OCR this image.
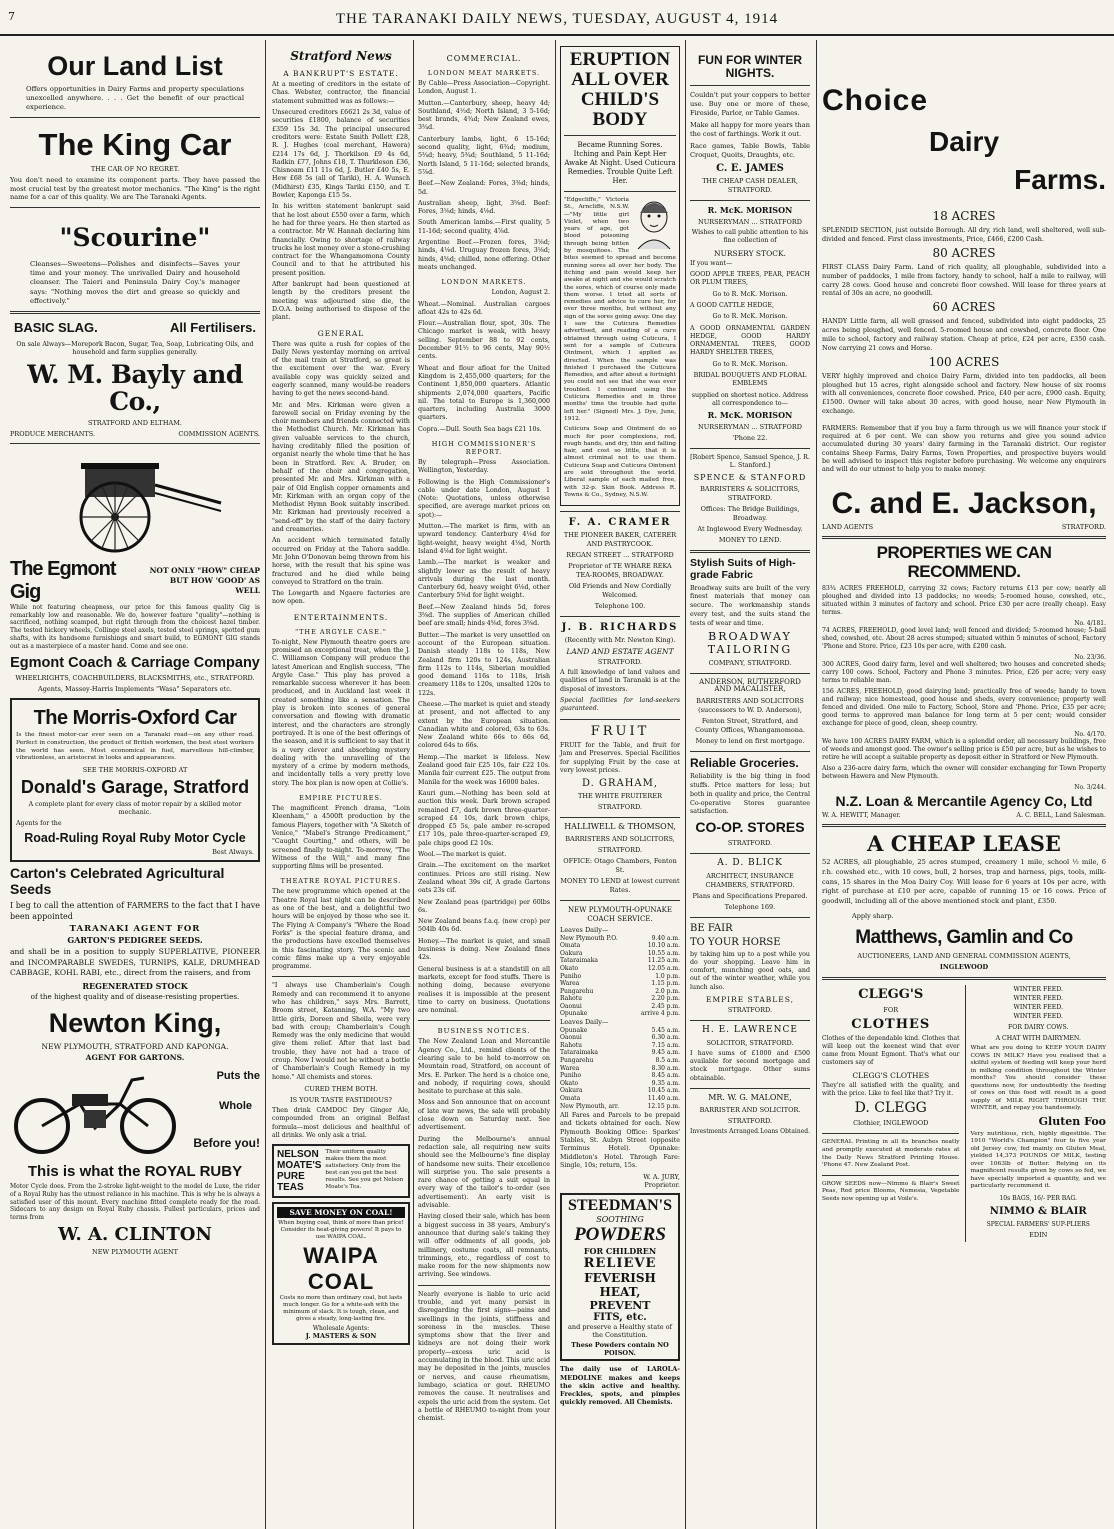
THE TARANAKI DAILY NEWS, TUESDAY, AUGUST 4, 1914
7
Our Land List

Offers opportunities in Dairy Farms and property speculations unexcelled anywhere. . . . Get the benefit of our practical experience.

The King Car
THE CAR OF NO REGRET.

You don't need to examine its component parts. They have passed the most crucial test by the greatest motor mechanics. "The King" is the right name for a car of this quality. We are The Taranaki Agents.

"Scourine"

Cleanses—Sweetens—Polishes and disinfects—Saves your time and your money. The unrivalled Dairy and household cleanser. The Taieri and Peninsula Dairy Coy.'s manager says: "Nothing moves the dirt and grease so quickly and effectively."

BASIC SLAG.	All Fertilisers.

On sale Always—Morepork Bacon, Sugar, Tea, Soap, Lubricating Oils, and household and farm supplies generally.

W. M. Bayly and Co.,
STRATFORD AND ELTHAM.
PRODUCE MERCHANTS.	COMMISSION AGENTS.
The Egmont Gig
NOT ONLY "HOW" CHEAP
BUT HOW 'GOOD' AS WELL

While not featuring cheapness, our price for this famous quality Gig is remarkably low and reasonable. We do, however feature "quality"—nothing is sacrificed, nothing scamped, but right through from the choicest hazel timber. The tested hickory wheels, Collinge steel axels, tested steel springs, spotted gum shafts, with its handsome furnishings and smart build, to EGMONT GIG stands out as a masterpiece of a master hand. Come and see one.

Egmont Coach & Carriage Company
WHEELRIGHTS, COACHBUILDERS, BLACKSMITHS, etc., STRATFORD.
Agents, Massey-Harris Implements "Wasa" Separators etc.
The Morris-Oxford Car

Is the finest motor-car ever seen on a Taranaki road—on any other road. Perfect in construction, the product of British workmen, the best steel workers the world has seen. Most economical in fuel, marvellous hill-climber, vibrationless, an aristocrat in looks and appearances.

SEE THE MORRIS-OXFORD AT
Donald's Garage, Stratford

A complete plant for every class of motor repair by a skilled motor mechanic.

Agents for the

Road-Ruling Royal Ruby Motor Cycle
Best Always.
Carton's Celebrated Agricultural Seeds

I beg to call the attention of FARMERS to the fact that I have been appointed

TARANAKI AGENT FOR
GARTON'S PEDIGREE SEEDS.

and shall be in a position to supply SUPERLATIVE, PIONEER and INCOMPARABLE SWEDES, TURNIPS, KALE, DRUMHEAD CABBAGE, KOHL RABI, etc., direct from the raisers, and from

REGENERATED STOCK

of the highest quality and of disease-resisting properties.

Newton King,
NEW PLYMOUTH, STRATFORD AND KAPONGA.
AGENT FOR GARTONS.
Puts the
Whole
Before you!
This is what the ROYAL RUBY

Motor Cycle does. From the 2-stroke light-weight to the model de Luxe, the rider of a Royal Ruby has the utmost reliance in his machine. This is why he is always a satisfied user of this mount. Every machine fitted complete ready for the road. Sidecars to any design on Royal Ruby chassis. Fullest particulars, prices and terms from

W. A. CLINTON
NEW PLYMOUTH AGENT
Stratford News
A BANKRUPT'S ESTATE.

At a meeting of creditors in the estate of Chas. Webster, contractor, the financial statement submitted was as follows:—

Unsecured creditors £6621 2s 3d, value of securities £1800, balance of securities £359 15s 3d. The principal unsecured creditors were: Estate Smith Pollett £28, R. J. Hughes (coal merchant, Hawera) £214 17s 6d, J. Thorkilson £9 4s 6d, Radkin £77, Johns £18, T. Thurkleson £36, Chisnoam £11 11s 6d, J. Butler £40 5s, E. Hew £68 5s (all of Tariki), H. A. Wunsch (Midhirst) £35, Kings Tariki £150, and T. Bowler, Kaponga £15 5s.

In his written statement bankrupt said that he lost about £550 over a farm, which he had for three years. He then started as a contractor. Mr W. Hannah declaring him financially. Owing to shortage of railway trucks he lost money over a stone-crushing contract for the Whangamomona County Council and to that he attributed his present position.

After bankrupt had been questioned at length by the creditors present the meeting was adjourned sine die, the D.O.A. being authorised to dispose of the plant.

GENERAL

There was quite a rush for copies of the Daily News yesterday morning on arrival of the mail train at Stratford, so great is the excitement over the war. Every available copy was quickly seized and eagerly scanned, many would-be readers having to get the news second-hand.

Mr. and Mrs. Kirkman were given a farewell social on Friday evening by the choir members and friends connected with the Methodist Church. Mr. Kirkman has given valuable services to the church, having creditably filled the position of organist nearly the whole time that he has been in Stratford. Rev. A. Bruder, on behalf of the choir and congregation, presented Mr. and Mrs. Kirkman with a pair of Old English copper ornaments and Mr. Kirkman with an organ copy of the Methodist Hymn Book suitably inscribed. Mr. Kirkman had previously received a "send-off" by the staff of the dairy factory and creameries.

An accident which terminated fatally occurred on Friday at the Tahora saddle. Mr. John O'Donovan being thrown from his horse, with the result that his spine was fractured and he died while being conveyed to Stratford on the train.

The Lowgarth and Ngaere factories are now open.

ENTERTAINMENTS.
"THE ARGYLE CASE."

To-night, New Plymouth theatre goers are promised an exceptional treat, when the J. C. Williamson Company will produce the latest American and English success, "The Argyle Case." This play has proved a remarkable success wherever it has been produced, and in Auckland last week it created something like a sensation. The play is broken into scenes of general conversation and flowing with dramatic interest, and the characters are strongly portrayed. It is one of the best offerings of the season, and it is sufficient to say that it is a very clever and absorbing mystery dealing with the unravelling of the mystery of a crime by modern methods, and incidentally tells a very pretty love story. The box plan is now open at Collie's.

EMPIRE PICTURES.

The magnificent French drama, "Loin Kleenham," a 4500ft production by the famous Players, together with "A Sketch of Venice," "Mabel's Strange Predicament," "Caught Courting," and others, will be screened finally to-night. To-morrow, "The Witness of the Will," and many fine supporting films will be presented.

THEATRE ROYAL PICTURES.

The new programme which opened at the Theatre Royal last night can be described as one of the best, and a delightful two hours will be enjoyed by those who see it. The Flying A Company's "Where the Road Forks" is the special feature drama, and the productions have excelled themselves in this fascinating story. The scenic and comic films make up a very enjoyable programme.

"I always use Chamberlain's Cough Remedy and can recommend it to anyone who has children," says Mrs. Barrett, Broom street, Katanning, W.A. "My two little girls, Doreen and Sheila, were very bad with croup; Chamberlain's Cough Remedy was the only medicine that would give them relief. After that last bad trouble, they have not had a trace of croup. Now I would not be without a bottle of Chamberlain's Cough Remedy in my home." All chemists and stores.

CURED THEM BOTH.
IS YOUR TASTE FASTIDIOUS?

Then drink CAMDOC Dry Ginger Ale, compounded from an original Belfast formula—most delicious and healthful of all drinks. We only ask a trial.

NELSON MOATE'S PURE TEAS
Their uniform quality makes them the most satisfactory. Only from the best can you get the best results. See you get Nelson Moate's Tea.
SAVE MONEY ON COAL!
When buying coal, think of more than price! Consider its heat-giving powers! It pays to use WAIPA COAL.
WAIPA COAL
Costs no more than ordinary coal, but lasts much longer. Go for a white-ash with the minimum of slack. It is tough, clean, and gives a steady, long-lasting fire.
Wholesale Agents:
J. MASTERS & SON
COMMERCIAL.
LONDON MEAT MARKETS.

By Cable—Press Association—Copyright. London, August 1.

Mutton.—Canterbury, sheep, heavy 4d; Southland, 4½d; North Island, 3 5-16d; best brands, 4¾d; New Zealand ewes, 3¾d.

Canterbury lambs, light, 6 15-16d; second quality, light, 6¾d; medium, 5¾d; heavy, 5¾d; Southland, 5 11-16d; North Island, 5 11-16d; selected brands, 5⅞d.

Beef.—New Zealand: Fores, 3⅜d; hinds, 5d.

Australian sheep, light, 3⅝d. Beef: Fores, 3⅛d; hinds, 4⅛d.

South American lambs.—First quality, 5 11-16d; second quality, 4⅞d.

Argentine Beef.—Frozen fores, 3⅛d; hinds, 4⅛d. Uruguay frozen fores, 3⅛d; hinds, 4⅝d; chilled, none offering. Other meats unchanged.

LONDON MARKETS.

London, August 2.

Wheat.—Nominal. Australian cargoes afloat 42s to 42s 6d.

Flour.—Australian flour, spot, 30s. The Chicago market is weak, with heavy selling. September 88 to 92 cents, December 91½ to 96 cents, May 90½ cents.

Wheat and flour afloat for the United Kingdom is 2,455,000 quarters; for the Continent 1,850,000 quarters. Atlantic shipments 2,074,000 quarters, Pacific nil. The total to Europe is 1,360,000 quarters, including Australia 3000 quarters.

Copra.—Dull. South Sea bags £21 10s.

HIGH COMMISSIONER'S REPORT.

By telegraph—Press Association. Wellington, Yesterday.

Following is the High Commissioner's cable under date London, August 1 (Note: Quotations, unless otherwise specified, are average market prices on spot):—

Mutton.—The market is firm, with an upward tendency. Canterbury 4⅛d for light-weight, heavy weight 4⅛d, North Island 4⅛d for light weight.

Lamb.—The market is weaker and slightly lower as the result of heavy arrivals during the last month. Canterbury 6d, heavy weight 6⅛d, other Canterbury 5⅝d for light weight.

Beef.—New Zealand hinds 5d, fores 3⅝d. The supplies of American chilled beef are small; hinds 4⅝d, fores 3⅝d.

Butter.—The market is very unsettled on account of the European situation. Danish steady 118s to 118s, New Zealand firm 120s to 124s, Australian firm 112s to 114s, Siberian mouldled good demand 116s to 118s, Irish creamery 118s to 120s, unsalted 120s to 122s.

Cheese.—The market is quiet and steady at present, and not affected to any extent by the European situation. Canadian white and colored, 63s to 63s. New Zealand white 66s to 66s 6d, colored 64s to 66s.

Hemp.—The market is lifeless. New Zealand good fair £25 10s, fair £22 10s. Manila fair current £25. The output from Manila for the week was 16000 bales.

Kauri gum.—Nothing has been sold at auction this week. Dark brown scraped remained £7, dark brown three-quarter-scraped £4 10s, dark brown chips, dropped £5 5s, pale amber re-scraped £17 10s, pale three-quarter-scraped £9, pale chips good £2 10s.

Wool.—The market is quiet.

Grain.—The excitement on the market continues. Prices are still rising. New Zealand wheat 39s cif, A grade Gartons oats 23s cif.

New Zealand peas (partridge) per 60lbs 6s.

New Zealand beans f.a.q. (new crop) per 504lb 40s 6d.

Honey.—The market is quiet, and small business is doing. New Zealand fines 42s.

General business is at a standstill on all markets, except for food stuffs. There is nothing doing, because everyone realises it is impossible at the present time to carry on business. Quotations are nominal.

BUSINESS NOTICES.

The New Zealand Loan and Mercantile Agency Co., Ltd., remind clients of the clearing sale to be held to-morrow on Mountain road, Stratford, on account of Mrs. E. Parker. The herd is a choice one, and nobody, if requiring cows, should hesitate to purchase at this sale.

Moss and Son announce that on account of late war news, the sale will probably close down on Saturday next. See advertisement.

During the Melbourne's annual redaction sale, all requiring new suits should see the Melbourne's fine display of handsome new suits. Their excellence will surprise you. The sale presents a rare chance of getting a suit equal in every way of the tailor's to-order (see advertisement). An early visit is advisable.

Having closed their sale, which has been a biggest success in 38 years, Ambury's announce that during sale's taking they will offer oddments of all goods, job millinery, costume coats, all remnants, trimmings, etc., regardless of cost to make room for the new shipments now arriving. See windows.

Nearly everyone is liable to uric acid trouble, and yet many persist in disregarding the first signs—pains and swellings in the joints, stiffness and soreness in the muscles. These symptoms show that the liver and kidneys are not doing their work properly—excess uric acid is accumulating in the blood. This uric acid may be deposited in the joints, muscles or nerves, and cause rheumatism, lumbago, sciatica or gout. RHEUMO removes the cause. It neutralises and expels the uric acid from the system. Get a bottle of RHEUMO to-night from your chemist.

ERUPTION ALL OVER CHILD'S BODY
Became Running Sores. Itching and Pain Kept Her Awake At Night. Used Cuticura Remedies. Trouble Quite Left Her.

"Edgecliffe," Victoria St., Arncliffe, N.S.W.—"My little girl Violet, when two years of age, got blood poisoning through being bitten by mosquitoes. The bites seemed to spread and become running sores all over her body. The itching and pain would keep her awake at night and she would scratch the sores, which of course only made them worse. I tried all sorts of remedies and advice to cure her, for over three months, but without any sign of the sores going away. One day I saw the Cuticura Remedies advertised, and reading of a cure obtained through using Cuticura, I sent for a sample of Cuticura Ointment, which I applied as directed. When the sample was finished I purchased the Cuticura Remedies, and after about a fortnight you could not see that she was ever troubled. I continued using the Cuticura Remedies and in three months' time the trouble had quite left her." (Signed) Mrs. J. Dye, June, 1912.

Cuticura Soap and Ointment do so much for poor complexions, red, rough hands, and dry, thin and falling hair, and cost so little, that it is almost criminal not to use them. Cuticura Soap and Cuticura Ointment are sold throughout the world. Liberal sample of each mailed free, with 32-p. Skin Book. Address R. Towns & Co., Sydney, N.S.W.

F. A. CRAMER
THE PIONEER BAKER, CATERER AND PASTRYCOOK.
REGAN STREET ... STRATFORD
Proprietor of TE WHARE REKA TEA-ROOMS, BROADWAY.
Old Friends and New Cordially Welcomed.
Telephone 100.
J. B. RICHARDS
(Recently with Mr. Newton King).
LAND AND ESTATE AGENT
STRATFORD.

A full knowledge of land values and qualities of land in Taranaki is at the disposal of investors.

Special facilities for land-seekers guaranteed.

FRUIT

FRUIT for the Table, and fruit for Jam and Preserves. Special Facilities for supplying Fruit by the case at very lowest prices.

D. GRAHAM,
THE WHITE FRUITERER
STRATFORD.
HALLIWELL & THOMSON,
BARRISTERS AND SOLICITORS,
STRATFORD.
OFFICE: Otago Chambers, Fenton St.
MONEY TO LEND at lowest current Rates.
NEW PLYMOUTH-OPUNAKE COACH SERVICE.
Leaves Daily—
New Plymouth P.O.	9.40 a.m.
Omata	10.10 a.m.
Oakura	10.55 a.m.
Tataraimaka	11.25 a.m.
Okato	12.05 a.m.
Puniho	1.0 p.m.
Warea	1.15 p.m.
Pungarehu	2.0 p.m.
Rahotu	2.20 p.m.
Oaonui	2.45 p.m.
Opunake	arrive 4 p.m.
Leaves Daily—
Opunake	5.45 a.m.
Oaonui	6.30 a.m.
Rahotu	7.15 a.m.
Tataraimaka	9.45 a.m.
Pungarehu	8.5 a.m.
Warea	8.30 a.m.
Puniho	8.45 a.m.
Okato	9.35 a.m.
Oakura	10.45 a.m.
Omata	11.40 a.m.
New Plymouth, arr.	12.15 p.m.

All Fares and Parcels to be prepaid and tickets obtained for each. New Plymouth Booking Office: Sparkes' Stables, St. Aubyn Street (opposite Terminus Hotel). Opunake: Middleton's Hotel. Through Fare: Single, 10s; return, 15s.

W. A. JURY,
Proprietor.
STEEDMAN'S
SOOTHING
POWDERS
FOR CHILDREN
RELIEVE
FEVERISH
HEAT,
PREVENT
FITS, etc.
and preserve a Healthy state of the Constitution.
These Powders contain NO POISON.

The daily use of LAROLA-MEDOLINE makes and keeps the skin active and healthy. Freckles, spots, and pimples quickly removed. All Chemists.

FUN FOR WINTER NIGHTS.

Couldn't put your coppers to better use. Buy one or more of these, Fireside, Parlor, or Table Games.

Make all happy for more years than the cost of farthings. Work it out.

Race games, Table Bowls, Table Croquet, Quoits, Draughts, etc.

C. E. JAMES
THE CHEAP CASH DEALER, STRATFORD.
R. McK. MORISON
NURSERYMAN ... STRATFORD

Wishes to call public attention to his fine collection of

NURSERY STOCK.

If you want—

GOOD APPLE TREES, PEAR, PEACH OR PLUM TREES,

Go to R. McK. Morison.

A GOOD CATTLE HEDGE,

Go to R. McK. Morison.

A GOOD ORNAMENTAL GARDEN HEDGE, GOOD HARDY ORNAMENTAL TREES, GOOD HARDY SHELTER TREES,

Go to R. McK. Morison.

BRIDAL BOUQUETS AND FLORAL EMBLEMS

supplied on shortest notice. Address all correspondence to—

R. McK. MORISON
NURSERYMAN ... STRATFORD
'Phone 22.

[Robert Spence, Samuel Spence, J. R. L. Stanford.]

SPENCE & STANFORD
BARRISTERS & SOLICITORS, STRATFORD.
Offices: The Bridge Buildings, Broadway.
At Inglewood Every Wednesday.
MONEY TO LEND.
Stylish Suits of High-grade Fabric

Broadway suits are built of the very finest materials that money can secure. The workmanship stands every test, and the suits stand the tests of wear and time.

BROADWAY TAILORING
COMPANY, STRATFORD.
ANDERSON, RUTHERFORD AND MACALISTER,
BARRISTERS AND SOLICITORS (successors to W. D. Anderson),
Fenton Street, Stratford, and County Offices, Whangamomona.
Money to lend on first mortgage.
Reliable Groceries.

Reliability is the big thing in food stuffs. Price matters for less; but both in quality and price, the Central Co-operative Stores guarantee satisfaction.

CO-OP. STORES
STRATFORD.
A. D. BLICK
ARCHITECT, INSURANCE CHAMBERS, STRATFORD.
Plans and Specifications Prepared.
Telephone 169.
BE FAIR
TO YOUR HORSE

by taking him up to a post while you do your shopping. Leave him in comfort, munching good oats, and out of the winter weather, while you lunch also.

EMPIRE STABLES,
STRATFORD.
H. E. LAWRENCE
SOLICITOR, STRATFORD.

I have sums of £1000 and £500 available for second mortgage and stock mortgage. Other sums obtainable.

MR. W. G. MALONE,
BARRISTER AND SOLICITOR.
STRATFORD.
Investments Arranged. Loans Obtained.
Choice
Dairy
Farms.
18 ACRES

SPLENDID SECTION, just outside Borough. All dry, rich land, well sheltered, well sub-divided and fenced. First class investments, Price, £466, £200 Cash.

80 ACRES

FIRST CLASS Dairy Farm. Land of rich quality, all ploughable, subdivided into a number of paddocks, 1 mile from factory, handy to school, half a mile to railway, will carry 28 cows. Good house and concrete floor cowshed. Will lease for three years at rental of 30s an acre, no goodwill.

60 ACRES

HANDY Little farm, all well grassed and fenced, subdivided into eight paddocks, 25 acres being ploughed, well fenced. 5-roomed house and cowshed, concrete floor. One mile to school, factory and railway station. Cheap at price, £24 per acre, £350 cash. Now carrying 21 cows and Horse.

100 ACRES

VERY highly improved and choice Dairy Farm, divided into ten paddocks, all been ploughed but 15 acres, right alongside school and factory. New house of six rooms with all conveniences, concrete floor cowshed. Price, £40 per acre, £900 cash. Equity, £1500. Owner will take about 30 acres, with good house, near New Plymouth in exchange.

FARMERS: Remember that if you buy a farm through us we will finance your stock if required at 6 per cent. We can show you returns and give you sound advice accumulated during 30 years' dairy farming in the Taranaki district. Our register contains Sheep Farms, Dairy Farms, Town Properties, and prospective buyers would be well advised to inspect this register before purchasing. We welcome any enquirers and will do our utmost to help you to make money.

C. and E. Jackson,
LAND AGENTS	STRATFORD.
PROPERTIES WE CAN RECOMMEND.

83¾ ACRES FREEHOLD, carrying 32 cows; Factory returns £13 per cow; nearly all ploughed and divided into 13 paddocks; no weeds; 5-roomed house, cowshed, etc., situated within 3 minutes of factory and school. Price £30 per acre (really cheap). Easy terms.

No. 4/181.

74 ACRES, FREEHOLD, good level land; well fenced and divided; 5-roomed house; 5-bail shed, cowshed, etc. About 28 acres stumped; situated within 5 minutes of school, Factory 'Phone and Store. Price, £23 10s per acre, with £200 cash.

No. 23/36.

300 ACRES, Good dairy farm, level and well sheltered; two houses and concreted sheds; carry 100 cows. School, Factory and Phone 3 minutes. Price, £26 per acre; very easy terms to reliable man.

156 ACRES, FREEHOLD, good dairying land; practically free of weeds; handy to town and railway; nice homestead, good house and sheds, every convenience; property well fenced and divided. One mile to Factory, School, Store and 'Phone. Price, £35 per acre; good terms to approved man balance for long term at 5 per cent; would consider exchange for piece of good, clean, sheep country.

No. 4/170.

We have 100 ACRES DAIRY FARM, which is a splendid order, all necessary buildings, free of weeds and amongst good. The owner's selling price is £50 per acre, but as he wishes to retire he will accept a suitable property as deposit either in Stratford or New Plymouth.

Also a 236-acre dairy farm, which the owner will consider exchanging for Town Property between Hawera and New Plymouth.

No. 3/244.
N.Z. Loan & Mercantile Agency Co, Ltd
W. A. HEWITT, Manager.	A. C. BELL, Land Salesman.
A CHEAP LEASE

52 ACRES, all ploughable, 25 acres stumped, creamery 1 mile, school ½ mile, 6 r.h. cowshed etc., with 10 cows, bull, 2 horses, trap and harness, pigs, tools, milk-cans, 15 shares in the Moa Dairy Coy. Will lease for 6 years at 10s per acre, with right of purchase at £10 per acre, capable of running 15 or 16 cows. Price of goodwill, including all of the above mentioned stock and plant, £350.

Apply sharp.
Matthews, Gamlin and Co
AUCTIONEERS, LAND AND GENERAL COMMISSION AGENTS,
INGLEWOOD
CLEGG'S
FOR
CLOTHES

Clothes of the dependable kind. Clothes that will keep out the keenest wind that ever came from Mount Egmont. That's what our customers say of

CLEGG'S CLOTHES

They're all satisfied with the quality, and with the price. Like to feel like that? Try it.

D. CLEGG
Clothier, INGLEWOOD

GENERAL Printing in all its branches neatly and promptly executed at moderate rates at the Daily News Stratford Printing House. 'Phone 47. New Zealand Post.

GROW SEEDS now—Nimmo & Blair's Sweet Peas, Red price Blooms, Nemesia, Vegetable Seeds now opening up at Voile's.

WINTER FEED.
WINTER FEED.
WINTER FEED.
WINTER FEED.
FOR DAIRY COWS.
A CHAT WITH DAIRYMEN.

What are you doing to KEEP YOUR DAIRY COWS IN MILK? Have you realised that a skilful system of feeding will keep your herd in milking condition throughout the Winter months? You should consider these questions now, for undoubtedly the feeding of cows on this food will result in a good supply of MILK RIGHT THROUGH THE WINTER, and repay you handsomely.

Gluten Foo

Very nutritious, rich, highly digestible. The 1910 "World's Champion" four to five year old Jersey cow, fed mainly on Gluten Meal, yielded 14,373 POUNDS OF MILK, testing over 1063lb of Butter. Relying on its magnificent results given by cows so fed, we have specially imported a quantity, and we particularly recommend it.

10s BAGS, 16/- PER BAG.
NIMMO & BLAIR
SPECIAL FARMERS' SUP-PLIERS
EDIN
